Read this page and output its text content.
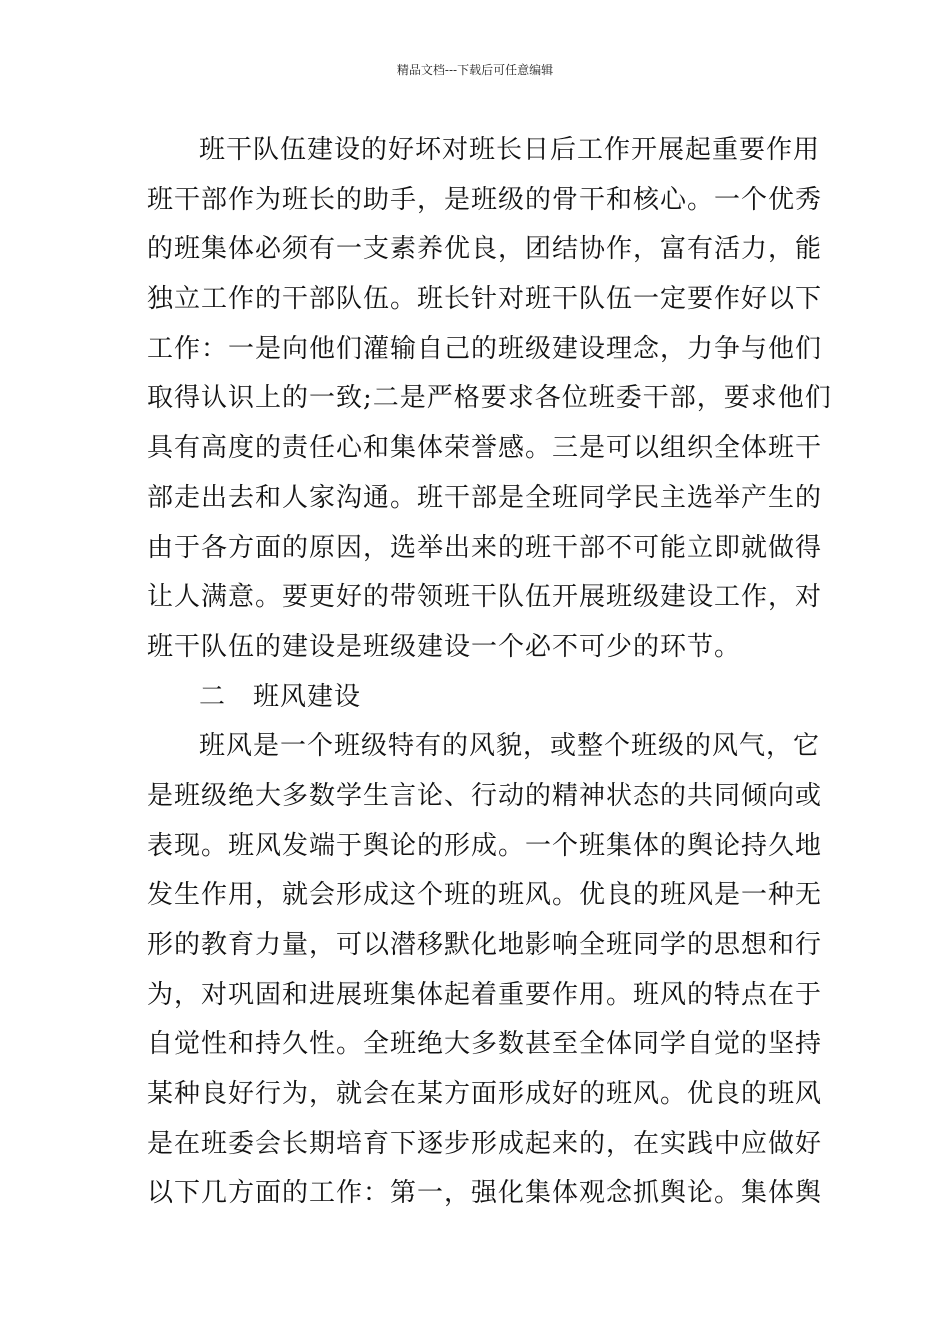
精品文档---下载后可任意编辑
班干队伍建设的好坏对班长日后工作开展起重要作用
班干部作为班长的助手，是班级的骨干和核心。一个优秀
的班集体必须有一支素养优良，团结协作，富有活力，能
独立工作的干部队伍。班长针对班干队伍一定要作好以下
工作：一是向他们灌输自己的班级建设理念，力争与他们
取得认识上的一致;二是严格要求各位班委干部，要求他们
具有高度的责任心和集体荣誉感。三是可以组织全体班干
部走出去和人家沟通。班干部是全班同学民主选举产生的
由于各方面的原因，选举出来的班干部不可能立即就做得
让人满意。要更好的带领班干队伍开展班级建设工作，对
班干队伍的建设是班级建设一个必不可少的环节。
二　班风建设
班风是一个班级特有的风貌，或整个班级的风气，它
是班级绝大多数学生言论、行动的精神状态的共同倾向或
表现。班风发端于舆论的形成。一个班集体的舆论持久地
发生作用，就会形成这个班的班风。优良的班风是一种无
形的教育力量，可以潜移默化地影响全班同学的思想和行
为，对巩固和进展班集体起着重要作用。班风的特点在于
自觉性和持久性。全班绝大多数甚至全体同学自觉的坚持
某种良好行为，就会在某方面形成好的班风。优良的班风
是在班委会长期培育下逐步形成起来的，在实践中应做好
以下几方面的工作：第一，强化集体观念抓舆论。集体舆
